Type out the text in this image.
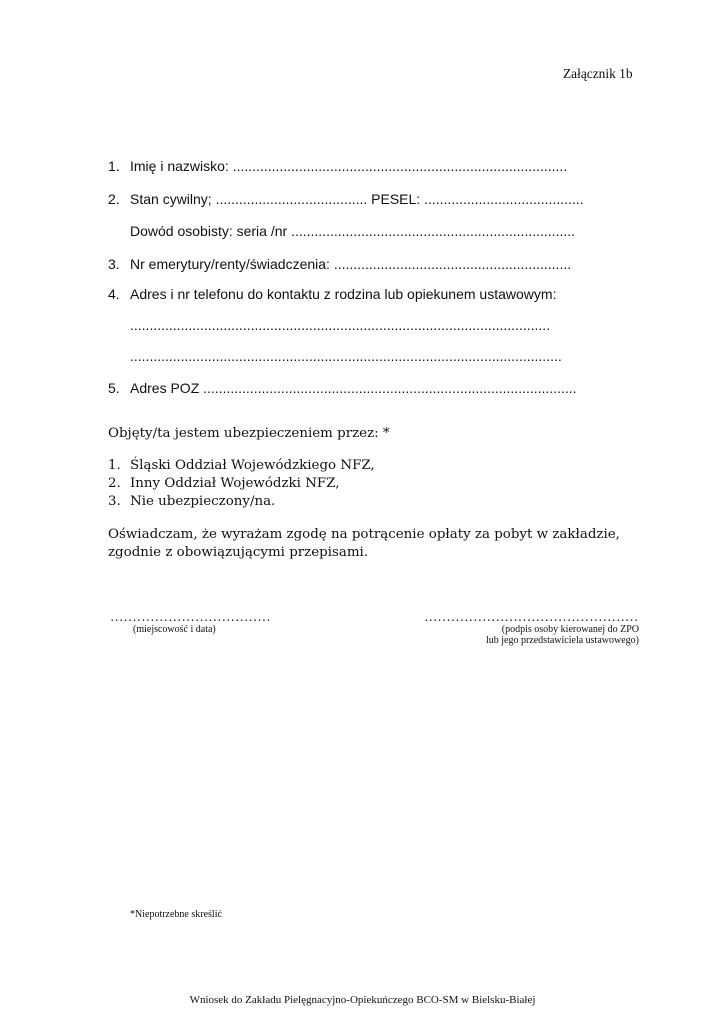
Załącznik 1b
1. Imię i nazwisko: ......................................................................................
2. Stan cywilny; ....................................... PESEL: .........................................
Dowód osobisty: seria /nr .........................................................................
3. Nr emerytury/renty/świadczenia: .............................................................
4. Adres i nr telefonu do kontaktu z rodzina lub opiekunem ustawowym:
............................................................................................................
...............................................................................................................
5. Adres POZ ................................................................................................
Objęty/ta jestem ubezpieczeniem przez: *
1. Śląski Oddział Wojewódzkiego NFZ,
2. Inny Oddział Wojewódzki NFZ,
3. Nie ubezpieczony/na.
Oświadczam, że wyrażam zgodę na potrącenie opłaty za pobyt w zakładzie,
zgodnie z obowiązującymi przepisami.
………………………………
(miejscowość i data)
…………………………………………
(podpis osoby kierowanej do ZPO
lub jego przedstawiciela ustawowego)
*Niepotrzebne skreślić
Wniosek do Zakładu Pielęgnacyjno-Opiekuńczego BCO-SM w Bielsku-Białej
